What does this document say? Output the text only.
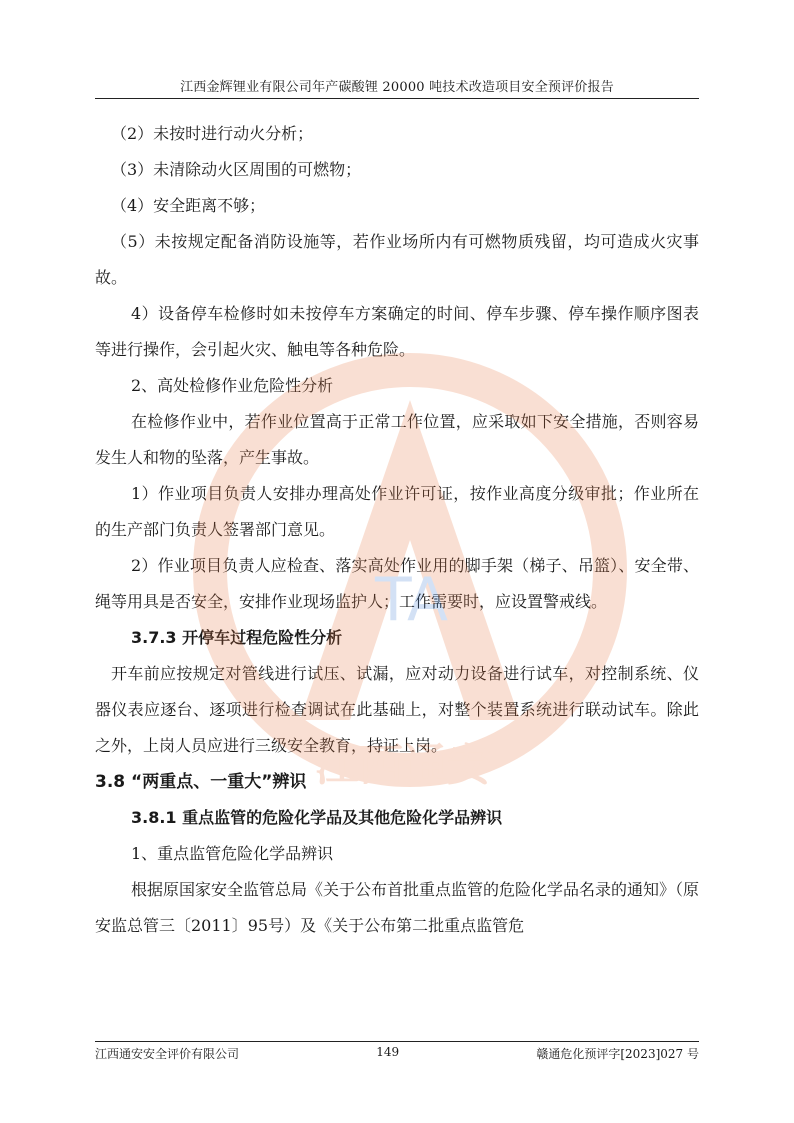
江西金辉锂业有限公司年产碳酸锂 20000 吨技术改造项目安全预评价报告

（2）未按时进行动火分析；

（3）未清除动火区周围的可燃物；

（4）安全距离不够；

（5）未按规定配备消防设施等，若作业场所内有可燃物质残留，均可造成火灾事故。

4）设备停车检修时如未按停车方案确定的时间、停车步骤、停车操作顺序图表等进行操作，会引起火灾、触电等各种危险。

2、高处检修作业危险性分析

在检修作业中，若作业位置高于正常工作位置，应采取如下安全措施，否则容易发生人和物的坠落，产生事故。

1）作业项目负责人安排办理高处作业许可证，按作业高度分级审批；作业所在的生产部门负责人签署部门意见。

2）作业项目负责人应检查、落实高处作业用的脚手架（梯子、吊篮）、安全带、绳等用具是否安全，安排作业现场监护人；工作需要时，应设置警戒线。

3.7.3 开停车过程危险性分析

开车前应按规定对管线进行试压、试漏，应对动力设备进行试车，对控制系统、仪器仪表应逐台、逐项进行检查调试在此基础上，对整个装置系统进行联动试车。除此之外，上岗人员应进行三级安全教育，持证上岗。

3.8 “两重点、一重大”辨识

3.8.1 重点监管的危险化学品及其他危险化学品辨识

1、重点监管危险化学品辨识

根据原国家安全监管总局《关于公布首批重点监管的危险化学品名录的通知》（原安监总管三〔2011〕95号）及《关于公布第二批重点监管危

TA
江西通安
江西通安安全评价有限公司	149	赣通危化预评字[2023]027 号
